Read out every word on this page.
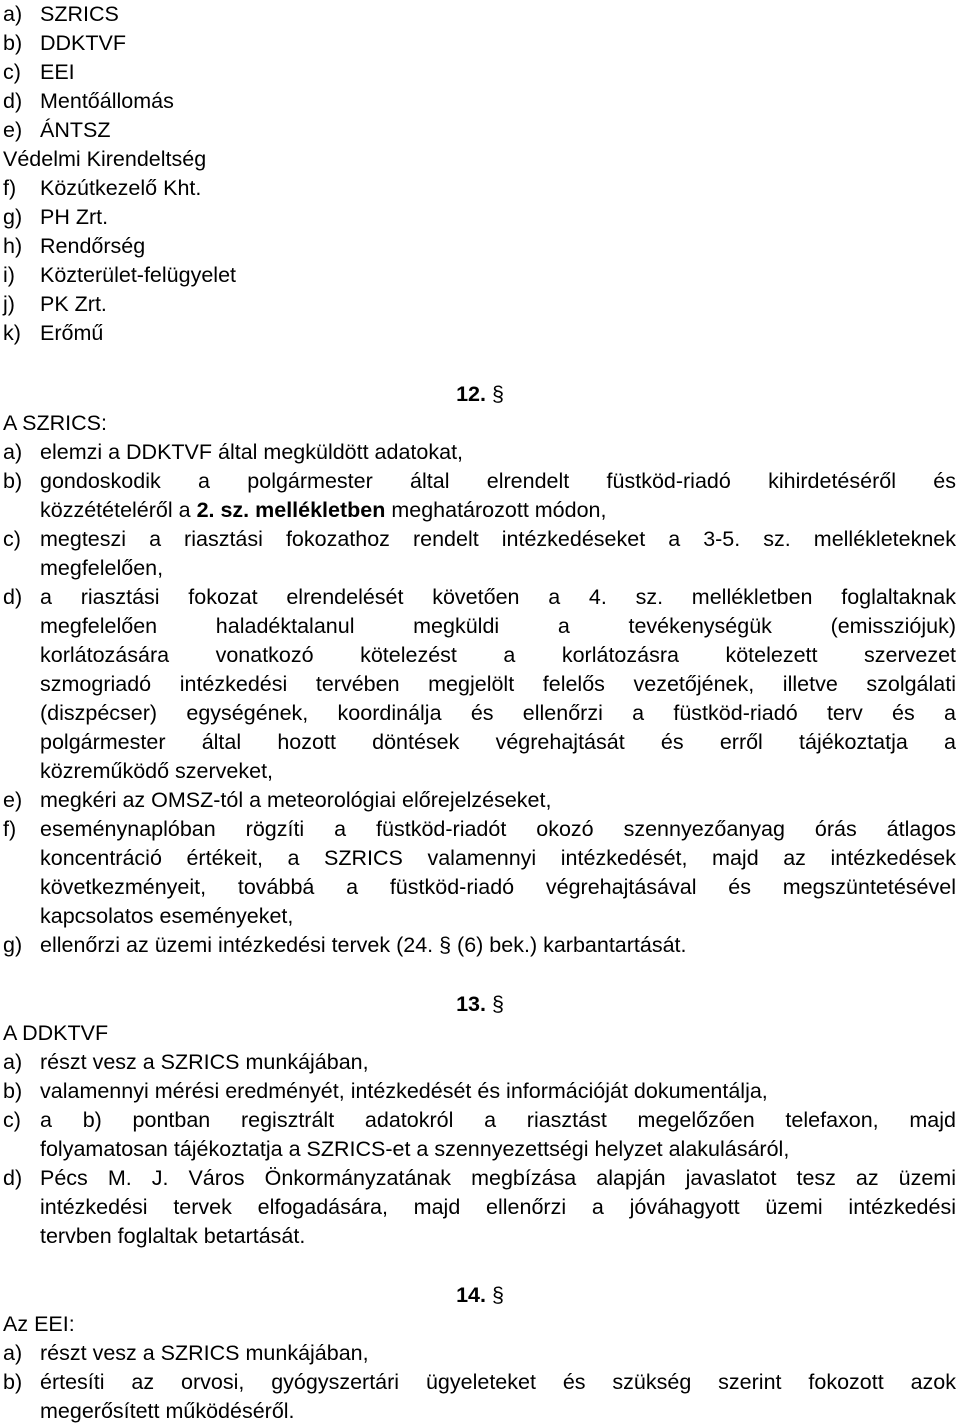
a) SZRICS
b) DDKTVF
c) EEI
d) Mentőállomás
e) ÁNTSZ
Védelmi Kirendeltség
f)	Közútkezelő Kht.
g) PH Zrt.
h) Rendőrség
i)	Közterület-felügyelet
j)	PK Zrt.
k) Erőmű
12. §
A SZRICS:
a) elemzi a DDKTVF által megküldött adatokat,
b) gondoskodik a polgármester által elrendelt füstköd-riadó kihirdetéséről és
közzétételéről a 2. sz. mellékletben meghatározott módon,
c) megteszi a riasztási fokozathoz rendelt intézkedéseket a 3-5. sz. mellékleteknek
megfelelően,
d) a riasztási fokozat elrendelését követően a 4. sz. mellékletben foglaltaknak
megfelelően haladéktalanul megküldi a tevékenységük (emissziójuk)
korlátozására vonatkozó kötelezést a korlátozásra kötelezett szervezet
szmogriadó intézkedési tervében megjelölt felelős vezetőjének, illetve szolgálati
(diszpécser) egységének, koordinálja és ellenőrzi a füstköd-riadó terv és a
polgármester által hozott döntések végrehajtását és erről tájékoztatja a
közreműködő szerveket,
e) megkéri az OMSZ-tól a meteorológiai előrejelzéseket,
f)	eseménynaplóban rögzíti a füstköd-riadót okozó szennyezőanyag órás átlagos
koncentráció értékeit, a SZRICS valamennyi intézkedését, majd az intézkedések
következményeit, továbbá a füstköd-riadó végrehajtásával és megszüntetésével
kapcsolatos eseményeket,
g) ellenőrzi az üzemi intézkedési tervek (24. § (6) bek.) karbantartását.
13. §
A DDKTVF
a) részt vesz a SZRICS munkájában,
b) valamennyi mérési eredményét, intézkedését és információját dokumentálja,
c) a b) pontban regisztrált adatokról a riasztást megelőzően telefaxon, majd
folyamatosan tájékoztatja a SZRICS-et a szennyezettségi helyzet alakulásáról,
d) Pécs M. J. Város Önkormányzatának megbízása alapján javaslatot tesz az üzemi
intézkedési tervek elfogadására, majd ellenőrzi a jóváhagyott üzemi intézkedési
tervben foglaltak betartását.
14. §
Az EEI:
a) részt vesz a SZRICS munkájában,
b) értesíti az orvosi, gyógyszertári ügyeleteket és szükség szerint fokozott azok
megerősített működéséről.
